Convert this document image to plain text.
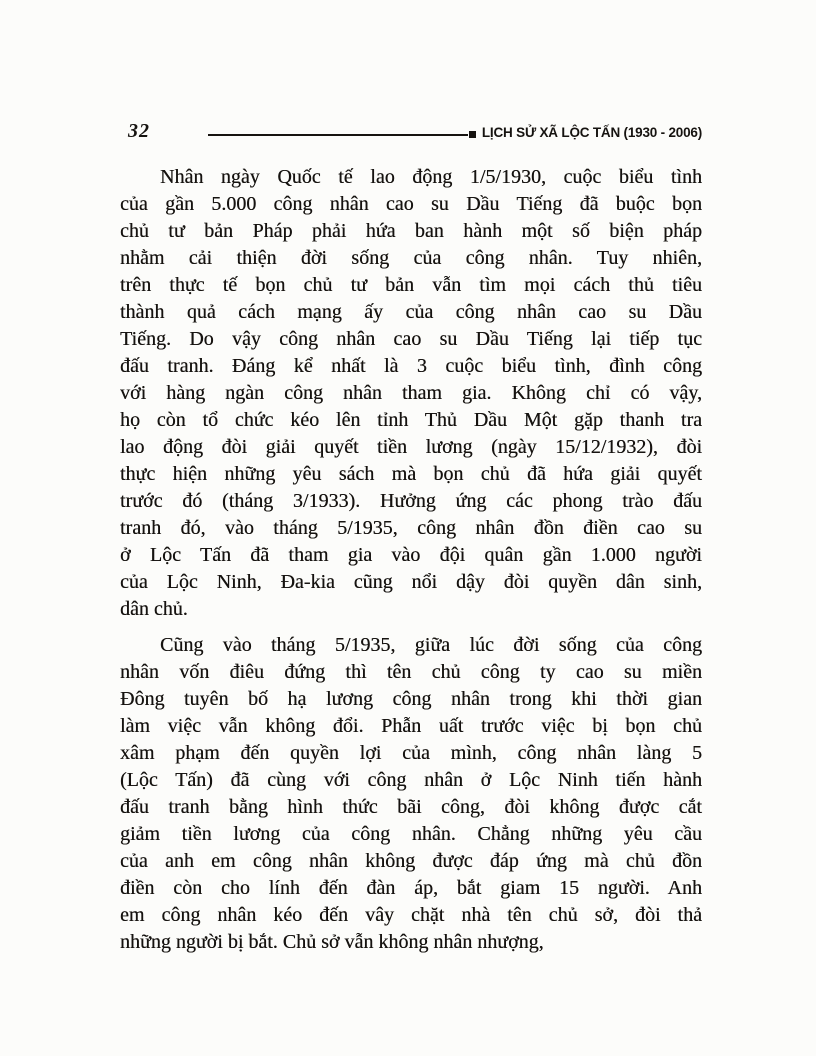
32	LỊCH SỬ XÃ LỘC TẤN (1930 - 2006)

Nhân ngày Quốc tế lao động 1/5/1930, cuộc biểu tình
của gần 5.000 công nhân cao su Dầu Tiếng đã buộc bọn
chủ tư bản Pháp phải hứa ban hành một số biện pháp
nhằm cải thiện đời sống của công nhân. Tuy nhiên,
trên thực tế bọn chủ tư bản vẫn tìm mọi cách thủ tiêu
thành quả cách mạng ấy của công nhân cao su Dầu
Tiếng. Do vậy công nhân cao su Dầu Tiếng lại tiếp tục
đấu tranh. Đáng kể nhất là 3 cuộc biểu tình, đình công
với hàng ngàn công nhân tham gia. Không chỉ có vậy,
họ còn tổ chức kéo lên tỉnh Thủ Dầu Một gặp thanh tra
lao động đòi giải quyết tiền lương (ngày 15/12/1932), đòi
thực hiện những yêu sách mà bọn chủ đã hứa giải quyết
trước đó (tháng 3/1933). Hưởng ứng các phong trào đấu
tranh đó, vào tháng 5/1935, công nhân đồn điền cao su
ở Lộc Tấn đã tham gia vào đội quân gần 1.000 người
của Lộc Ninh, Đa-kia cũng nổi dậy đòi quyền dân sinh,
dân chủ.

Cũng vào tháng 5/1935, giữa lúc đời sống của công
nhân vốn điêu đứng thì tên chủ công ty cao su miền
Đông tuyên bố hạ lương công nhân trong khi thời gian
làm việc vẫn không đổi. Phẫn uất trước việc bị bọn chủ
xâm phạm đến quyền lợi của mình, công nhân làng 5
(Lộc Tấn) đã cùng với công nhân ở Lộc Ninh tiến hành
đấu tranh bằng hình thức bãi công, đòi không được cắt
giảm tiền lương của công nhân. Chẳng những yêu cầu
của anh em công nhân không được đáp ứng mà chủ đồn
điền còn cho lính đến đàn áp, bắt giam 15 người. Anh
em công nhân kéo đến vây chặt nhà tên chủ sở, đòi thả
những người bị bắt. Chủ sở vẫn không nhân nhượng,
